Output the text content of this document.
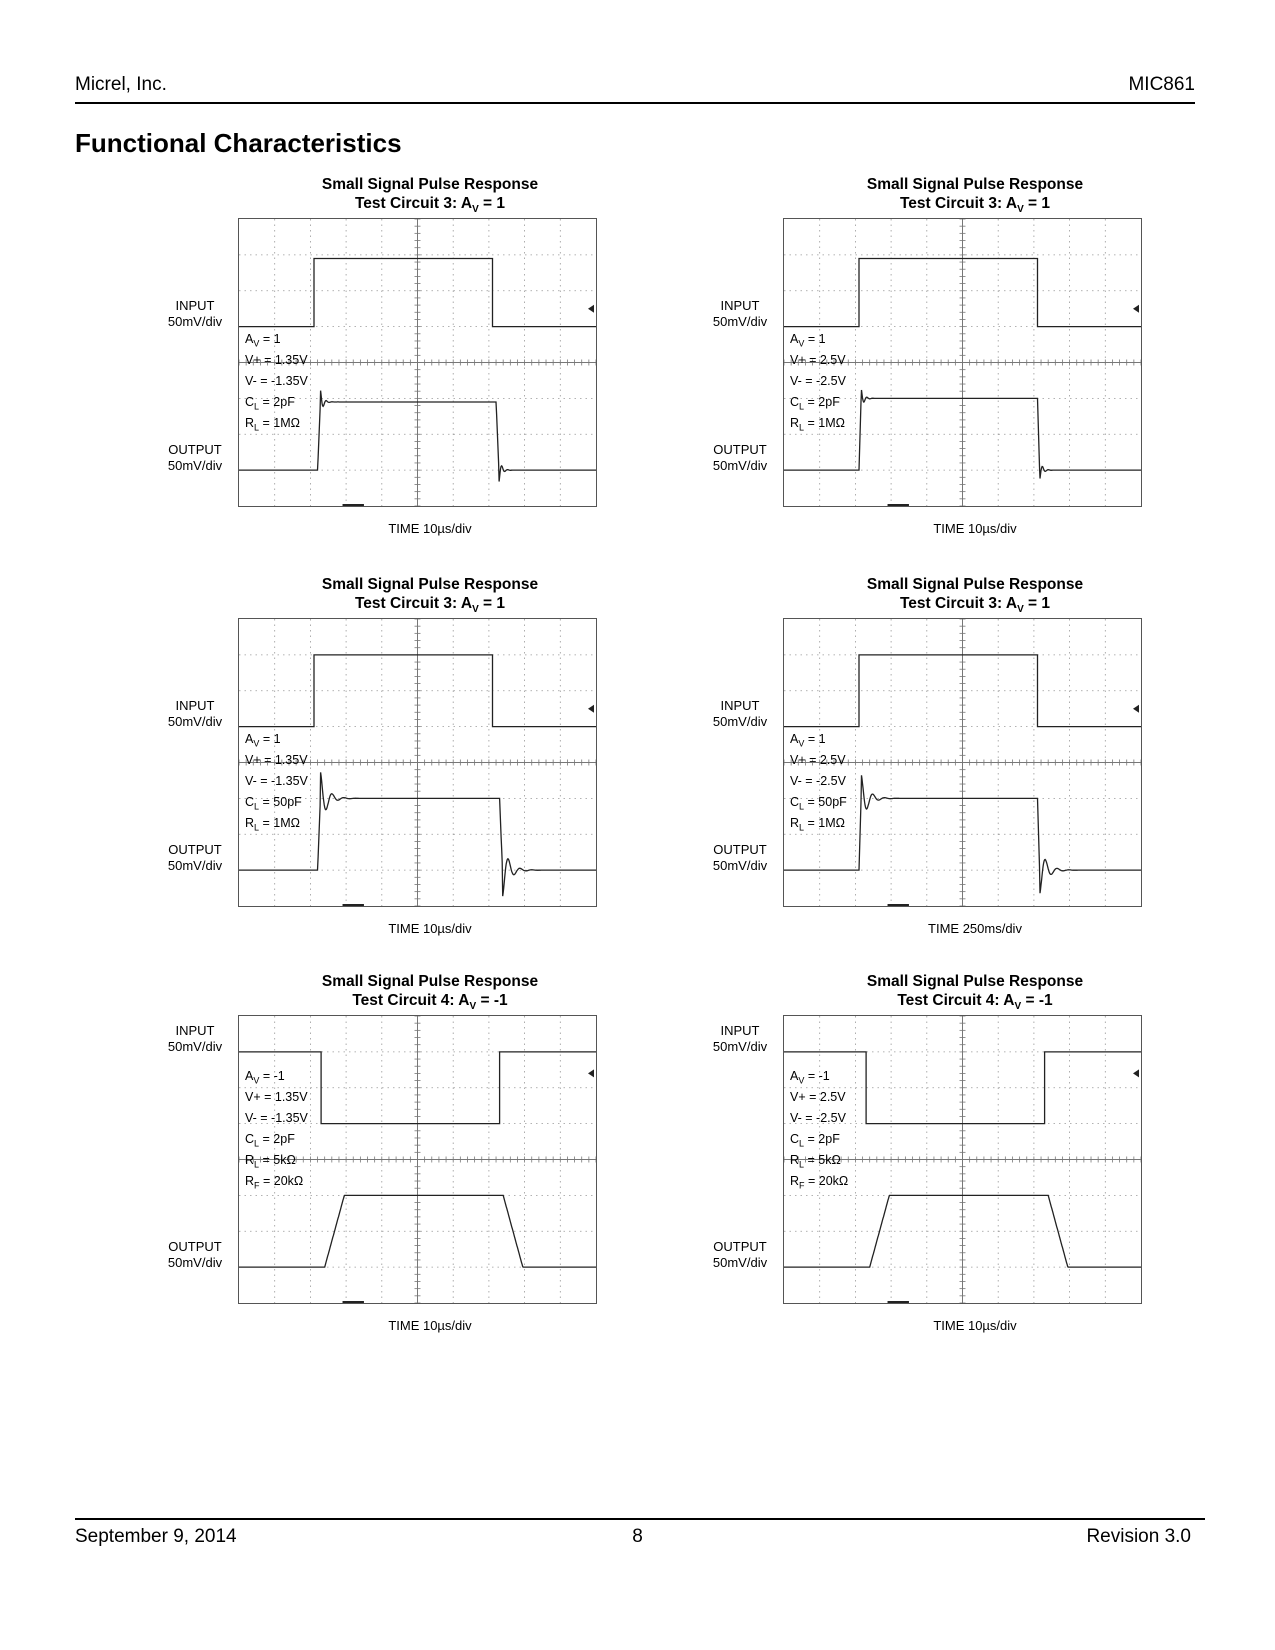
Micrel, Inc.	MIC861
Functional Characteristics
Small Signal Pulse Response
Test Circuit 3: $A_V = 1$
$A_V = 1$
V+ = 1.35V
V- = -1.35V
$C_L = 2pF$
$R_L = 1M\Omega$
INPUT
50mV/div
OUTPUT
50mV/div
TIME 10µs/div
Small Signal Pulse Response
Test Circuit 3: $A_V = 1$
$A_V = 1$
V+ = 2.5V
V- = -2.5V
$C_L = 2pF$
$R_L = 1M\Omega$
INPUT
50mV/div
OUTPUT
50mV/div
TIME 10µs/div
Small Signal Pulse Response
Test Circuit 3: $A_V = 1$
$A_V = 1$
V+ = 1.35V
V- = -1.35V
$C_L = 50pF$
$R_L = 1M\Omega$
INPUT
50mV/div
OUTPUT
50mV/div
TIME 10µs/div
Small Signal Pulse Response
Test Circuit 3: $A_V = 1$
$A_V = 1$
V+ = 2.5V
V- = -2.5V
$C_L = 50pF$
$R_L = 1M\Omega$
INPUT
50mV/div
OUTPUT
50mV/div
TIME 250ms/div
Small Signal Pulse Response
Test Circuit 4: $A_V = -1$
$A_V = -1$
V+ = 1.35V
V- = -1.35V
$C_L = 2pF$
$R_L = 5k\Omega$
$R_F = 20k\Omega$
INPUT
50mV/div
OUTPUT
50mV/div
TIME 10µs/div
Small Signal Pulse Response
Test Circuit 4: $A_V = -1$
$A_V = -1$
V+ = 2.5V
V- = -2.5V
$C_L = 2pF$
$R_L = 5k\Omega$
$R_F = 20k\Omega$
INPUT
50mV/div
OUTPUT
50mV/div
TIME 10µs/div
September 9, 2014	8	Revision 3.0
